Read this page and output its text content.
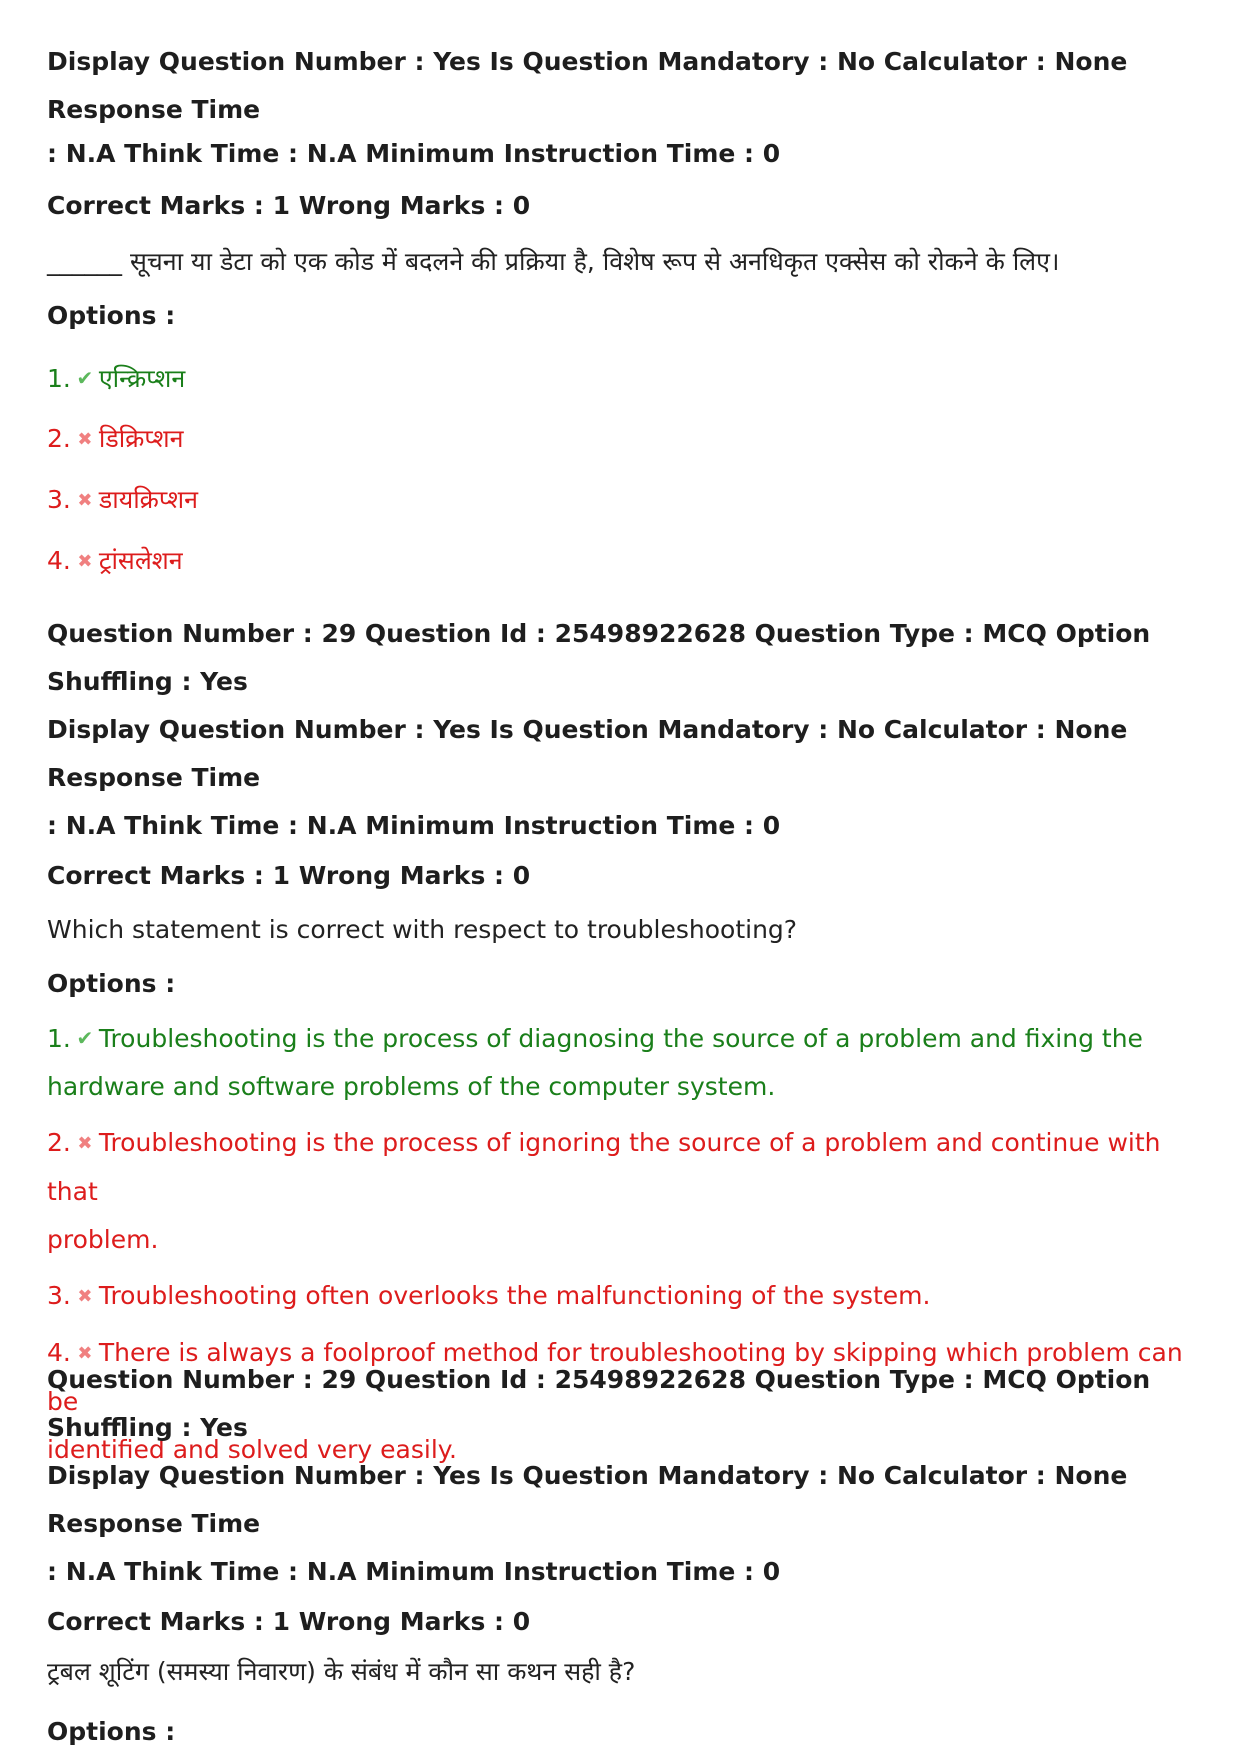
Display Question Number : Yes Is Question Mandatory : No Calculator : None Response Time

: N.A Think Time : N.A Minimum Instruction Time : 0

Correct Marks : 1 Wrong Marks : 0

______ सूचना या डेटा को एक कोड में बदलने की प्रक्रिया है, विशेष रूप से अनधिकृत एक्सेस को रोकने के लिए।

Options :

1. ✔ एन्क्रिप्शन

2. ✖ डिक्रिप्शन

3. ✖ डायक्रिप्शन

4. ✖ ट्रांसलेशन

Question Number : 29 Question Id : 25498922628 Question Type : MCQ Option Shuffling : Yes

Display Question Number : Yes Is Question Mandatory : No Calculator : None Response Time

: N.A Think Time : N.A Minimum Instruction Time : 0

Correct Marks : 1 Wrong Marks : 0

Which statement is correct with respect to troubleshooting?

Options :

1. ✔ Troubleshooting is the process of diagnosing the source of a problem and fixing the
hardware and software problems of the computer system.
2. ✖ Troubleshooting is the process of ignoring the source of a problem and continue with that
problem.
3. ✖ Troubleshooting often overlooks the malfunctioning of the system.
4. ✖ There is always a foolproof method for troubleshooting by skipping which problem can be
identified and solved very easily.

Question Number : 29 Question Id : 25498922628 Question Type : MCQ Option Shuffling : Yes

Display Question Number : Yes Is Question Mandatory : No Calculator : None Response Time

: N.A Think Time : N.A Minimum Instruction Time : 0

Correct Marks : 1 Wrong Marks : 0

ट्रबल शूटिंग (समस्या निवारण) के संबंध में कौन सा कथन सही है?

Options :
